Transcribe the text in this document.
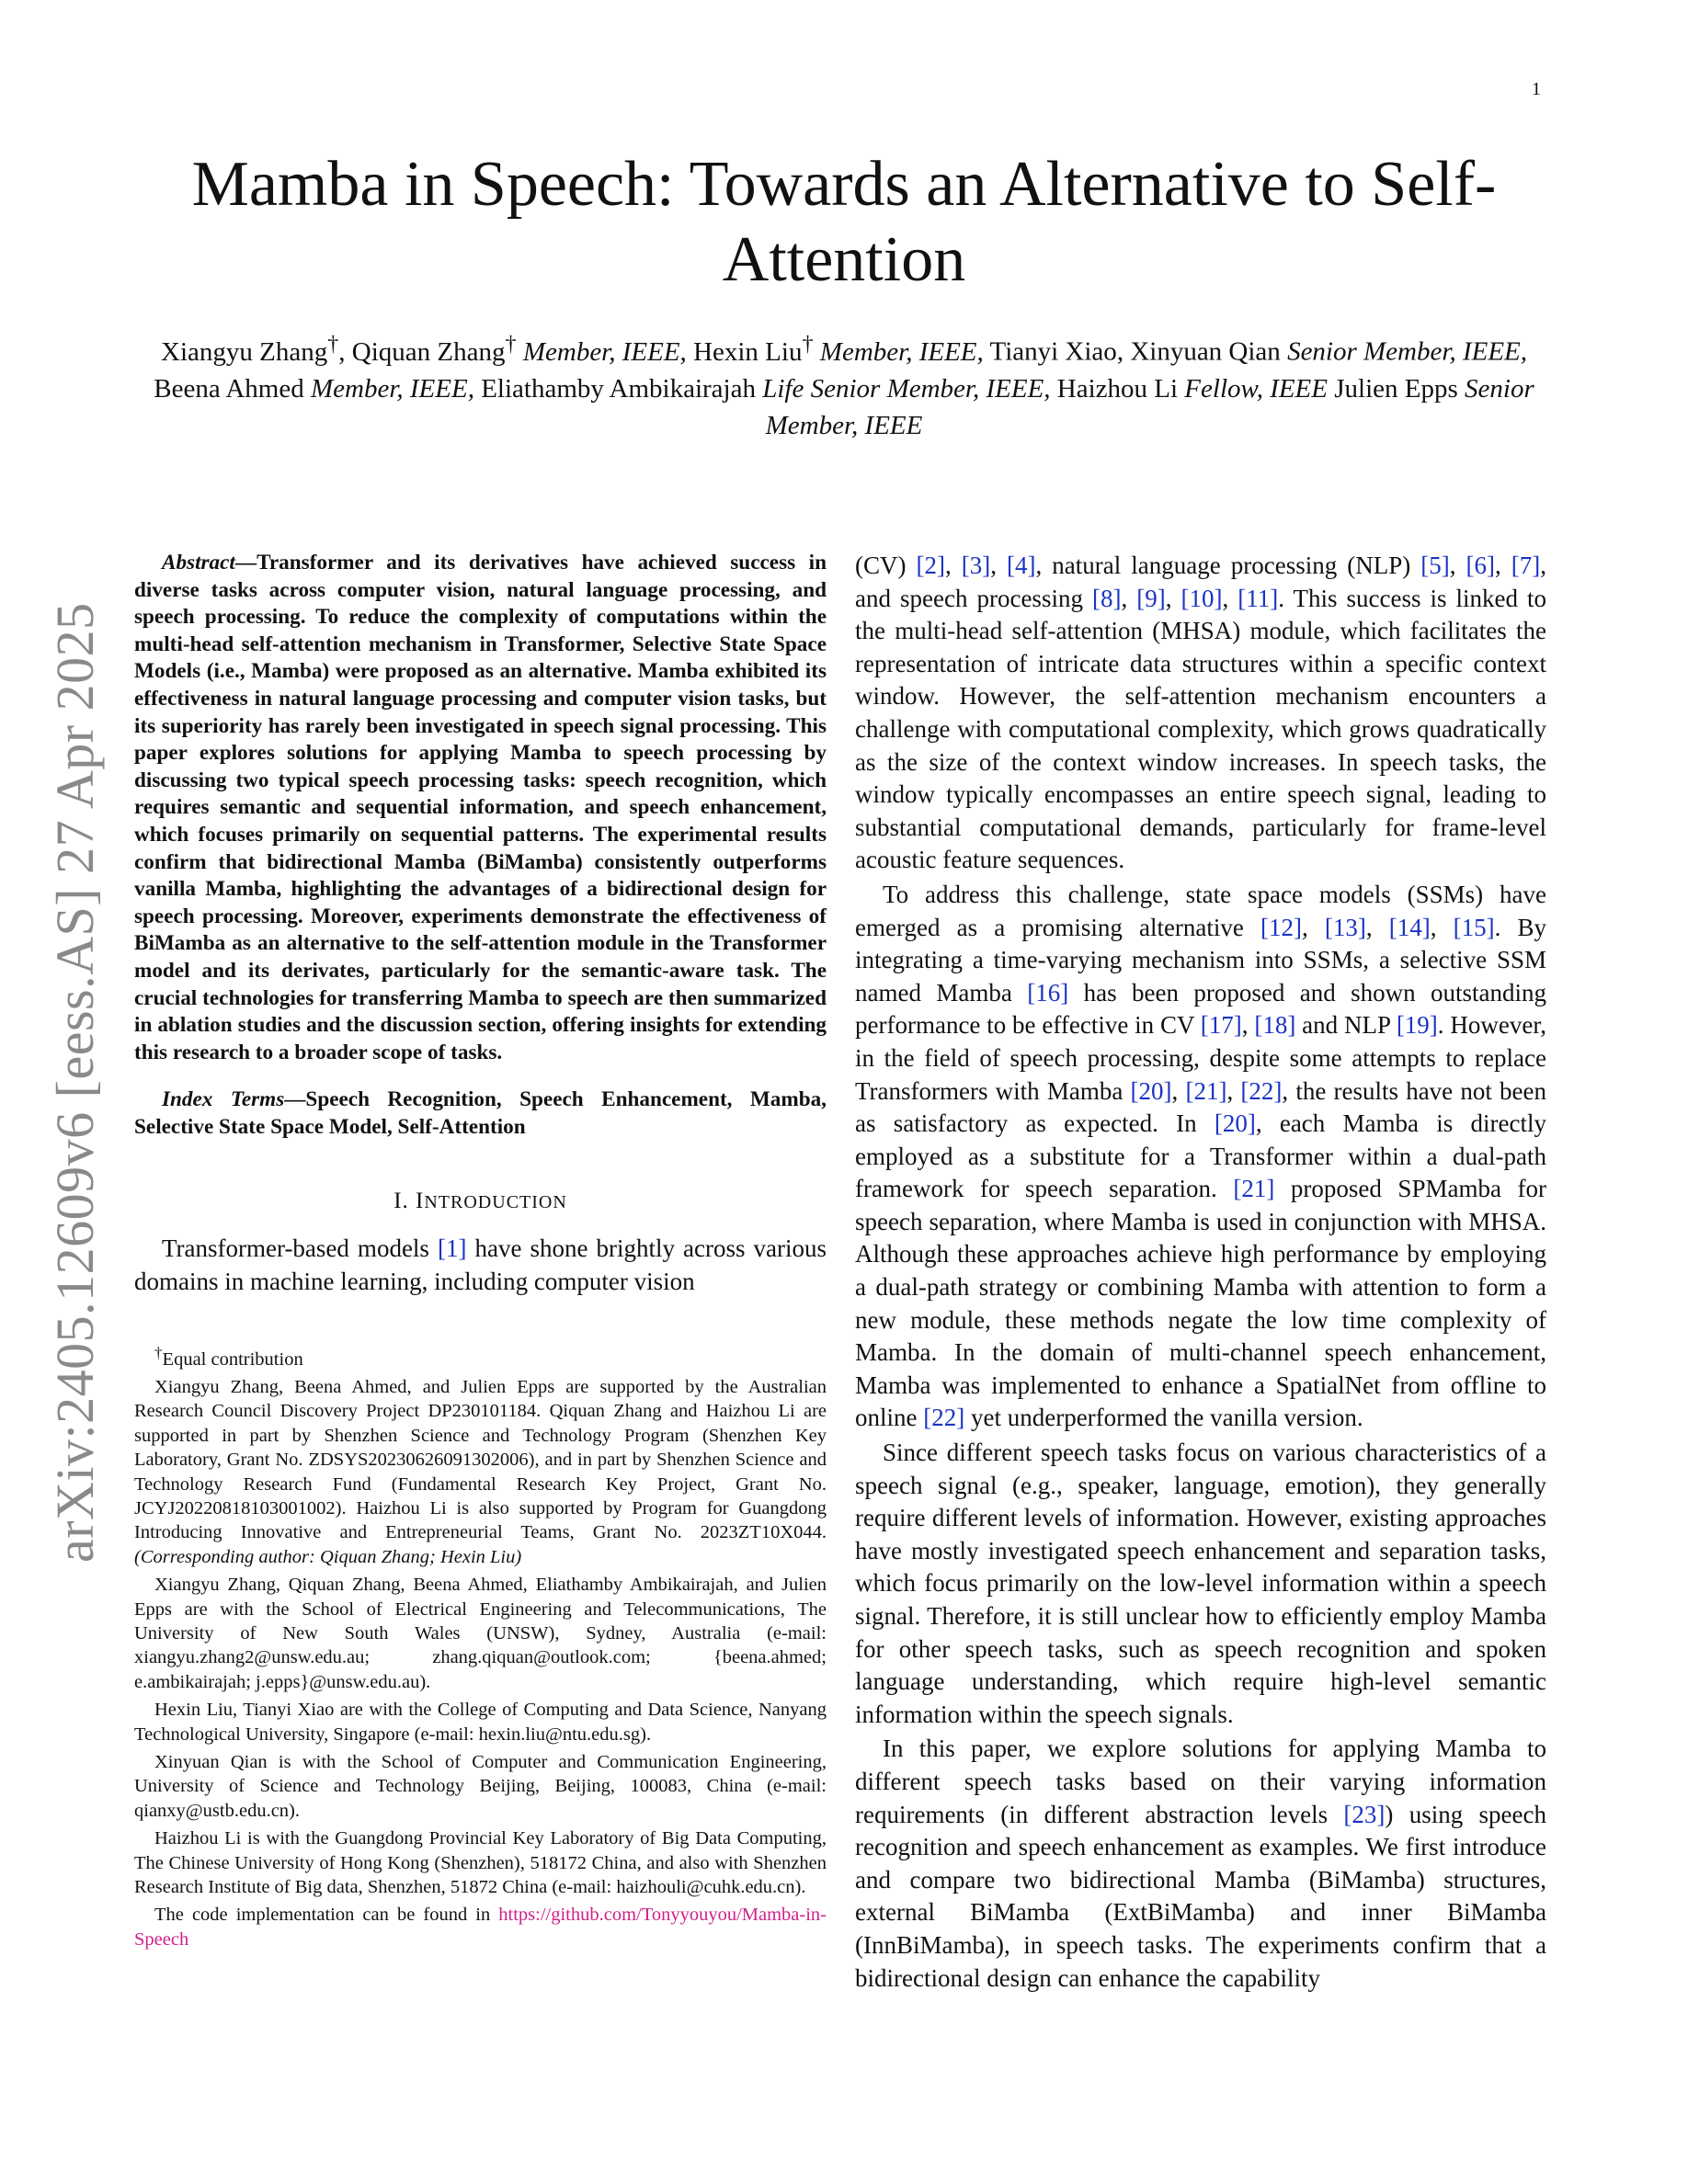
1
arXiv:2405.12609v6 [eess.AS] 27 Apr 2025
Mamba in Speech: Towards an Alternative to Self-Attention
Xiangyu Zhang†, Qiquan Zhang† Member, IEEE, Hexin Liu† Member, IEEE, Tianyi Xiao, Xinyuan Qian Senior Member, IEEE, Beena Ahmed Member, IEEE, Eliathamby Ambikairajah Life Senior Member, IEEE, Haizhou Li Fellow, IEEE Julien Epps Senior Member, IEEE

Abstract—Transformer and its derivatives have achieved success in diverse tasks across computer vision, natural language processing, and speech processing. To reduce the complexity of computations within the multi-head self-attention mechanism in Transformer, Selective State Space Models (i.e., Mamba) were proposed as an alternative. Mamba exhibited its effectiveness in natural language processing and computer vision tasks, but its superiority has rarely been investigated in speech signal processing. This paper explores solutions for applying Mamba to speech processing by discussing two typical speech processing tasks: speech recognition, which requires semantic and sequential information, and speech enhancement, which focuses primarily on sequential patterns. The experimental results confirm that bidirectional Mamba (BiMamba) consistently outperforms vanilla Mamba, highlighting the advantages of a bidirectional design for speech processing. Moreover, experiments demonstrate the effectiveness of BiMamba as an alternative to the self-attention module in the Transformer model and its derivates, particularly for the semantic-aware task. The crucial technologies for transferring Mamba to speech are then summarized in ablation studies and the discussion section, offering insights for extending this research to a broader scope of tasks.

Index Terms—Speech Recognition, Speech Enhancement, Mamba, Selective State Space Model, Self-Attention

I. INTRODUCTION

Transformer-based models [1] have shone brightly across various domains in machine learning, including computer vision

†Equal contribution

Xiangyu Zhang, Beena Ahmed, and Julien Epps are supported by the Australian Research Council Discovery Project DP230101184. Qiquan Zhang and Haizhou Li are supported in part by Shenzhen Science and Technology Program (Shenzhen Key Laboratory, Grant No. ZDSYS20230626091302006), and in part by Shenzhen Science and Technology Research Fund (Fundamental Research Key Project, Grant No. JCYJ20220818103001002). Haizhou Li is also supported by Program for Guangdong Introducing Innovative and Entrepreneurial Teams, Grant No. 2023ZT10X044. (Corresponding author: Qiquan Zhang; Hexin Liu)

Xiangyu Zhang, Qiquan Zhang, Beena Ahmed, Eliathamby Ambikairajah, and Julien Epps are with the School of Electrical Engineering and Telecommunications, The University of New South Wales (UNSW), Sydney, Australia (e-mail: xiangyu.zhang2@unsw.edu.au; zhang.qiquan@outlook.com; {beena.ahmed; e.ambikairajah; j.epps}@unsw.edu.au).

Hexin Liu, Tianyi Xiao are with the College of Computing and Data Science, Nanyang Technological University, Singapore (e-mail: hexin.liu@ntu.edu.sg).

Xinyuan Qian is with the School of Computer and Communication Engineering, University of Science and Technology Beijing, Beijing, 100083, China (e-mail: qianxy@ustb.edu.cn).

Haizhou Li is with the Guangdong Provincial Key Laboratory of Big Data Computing, The Chinese University of Hong Kong (Shenzhen), 518172 China, and also with Shenzhen Research Institute of Big data, Shenzhen, 51872 China (e-mail: haizhouli@cuhk.edu.cn).

The code implementation can be found in https://github.com/Tonyyouyou/Mamba-in-Speech

(CV) [2], [3], [4], natural language processing (NLP) [5], [6], [7], and speech processing [8], [9], [10], [11]. This success is linked to the multi-head self-attention (MHSA) module, which facilitates the representation of intricate data structures within a specific context window. However, the self-attention mechanism encounters a challenge with computational complexity, which grows quadratically as the size of the context window increases. In speech tasks, the window typically encompasses an entire speech signal, leading to substantial computational demands, particularly for frame-level acoustic feature sequences.

To address this challenge, state space models (SSMs) have emerged as a promising alternative [12], [13], [14], [15]. By integrating a time-varying mechanism into SSMs, a selective SSM named Mamba [16] has been proposed and shown outstanding performance to be effective in CV [17], [18] and NLP [19]. However, in the field of speech processing, despite some attempts to replace Transformers with Mamba [20], [21], [22], the results have not been as satisfactory as expected. In [20], each Mamba is directly employed as a substitute for a Transformer within a dual-path framework for speech separation. [21] proposed SPMamba for speech separation, where Mamba is used in conjunction with MHSA. Although these approaches achieve high performance by employing a dual-path strategy or combining Mamba with attention to form a new module, these methods negate the low time complexity of Mamba. In the domain of multi-channel speech enhancement, Mamba was implemented to enhance a SpatialNet from offline to online [22] yet underperformed the vanilla version.

Since different speech tasks focus on various characteristics of a speech signal (e.g., speaker, language, emotion), they generally require different levels of information. However, existing approaches have mostly investigated speech enhancement and separation tasks, which focus primarily on the low-level information within a speech signal. Therefore, it is still unclear how to efficiently employ Mamba for other speech tasks, such as speech recognition and spoken language understanding, which require high-level semantic information within the speech signals.

In this paper, we explore solutions for applying Mamba to different speech tasks based on their varying information requirements (in different abstraction levels [23]) using speech recognition and speech enhancement as examples. We first introduce and compare two bidirectional Mamba (BiMamba) structures, external BiMamba (ExtBiMamba) and inner BiMamba (InnBiMamba), in speech tasks. The experiments confirm that a bidirectional design can enhance the capability
